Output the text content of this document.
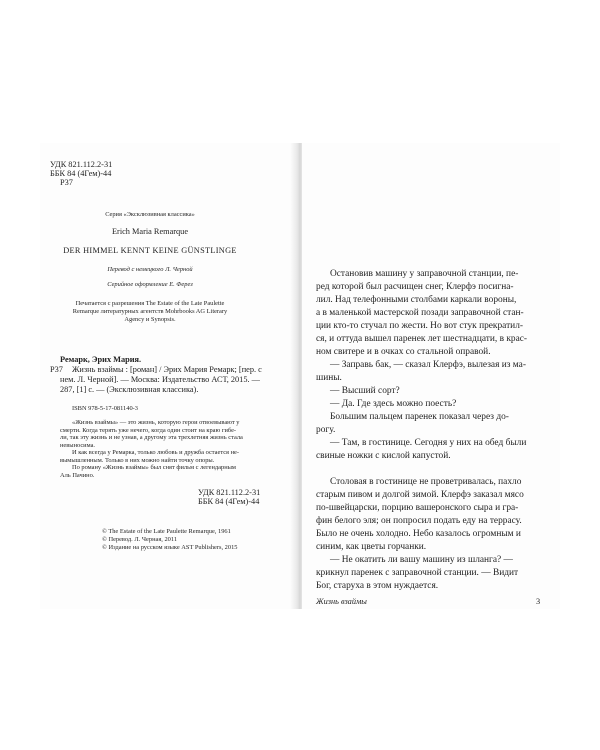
УДК 821.112.2-31
ББК 84 (4Гем)-44
Р37
Серия «Эксклюзивная классика»
Erich Maria Remarque
DER HIMMEL KENNT KEINE GÜNSTLINGE
Перевод с немецкого Л. Черной
Серийное оформление Е. Ферез
Печатается с разрешения The Estate of the Late Paulette
Remarque литературных агентств Mohrbooks AG Literary
Agency и Synopsis.
Ремарк, Эрих Мария.
Р37 Жизнь взаймы : [роман] / Эрих Мария Ремарк; [пер. с
нем. Л. Черной]. — Москва: Издательство АСТ, 2015. —
287, [1] с. — (Эксклюзивная классика).
ISBN 978-5-17-081140-3
«Жизнь взаймы» — это жизнь, которую герои отвоевывают у
смерти. Когда терять уже нечего, когда один стоит на краю гибе-
ли, так эту жизнь и не узнав, а другому эта трехлетняя жизнь стала
невыносима.
И как всегда у Ремарка, только любовь и дружба остается не-
вымышленным. Только в них можно найти точку опоры.
По роману «Жизнь взаймы» был снят фильм с легендарным
Аль Пачино.
УДК 821.112.2-31
ББК 84 (4Гем)-44
© The Estate of the Late Paulette Remarque, 1961
© Перевод. Л. Черная, 2011
© Издание на русском языке AST Publishers, 2015
Остановив машину у заправочной станции, пе-
ред которой был расчищен снег, Клерфэ посигна-
лил. Над телефонными столбами каркали вороны,
а в маленькой мастерской позади заправочной стан-
ции кто-то стучал по жести. Но вот стук прекратил-
ся, и оттуда вышел паренек лет шестнадцати, в крас-
ном свитере и в очках со стальной оправой.
— Заправь бак, — сказал Клерфэ, вылезая из ма-
шины.
— Высший сорт?
— Да. Где здесь можно поесть?
Большим пальцем паренек показал через до-
рогу.
— Там, в гостинице. Сегодня у них на обед были
свиные ножки с кислой капустой.
Столовая в гостинице не проветривалась, пахло
старым пивом и долгой зимой. Клерфэ заказал мясо
по-швейцарски, порцию вашеронского сыра и гра-
фин белого эля; он попросил подать еду на террасу.
Было не очень холодно. Небо казалось огромным и
синим, как цветы горчанки.
— Не окатить ли вашу машину из шланга? —
крикнул паренек с заправочной станции. — Видит
Бог, старуха в этом нуждается.
Жизнь взаймы	3
